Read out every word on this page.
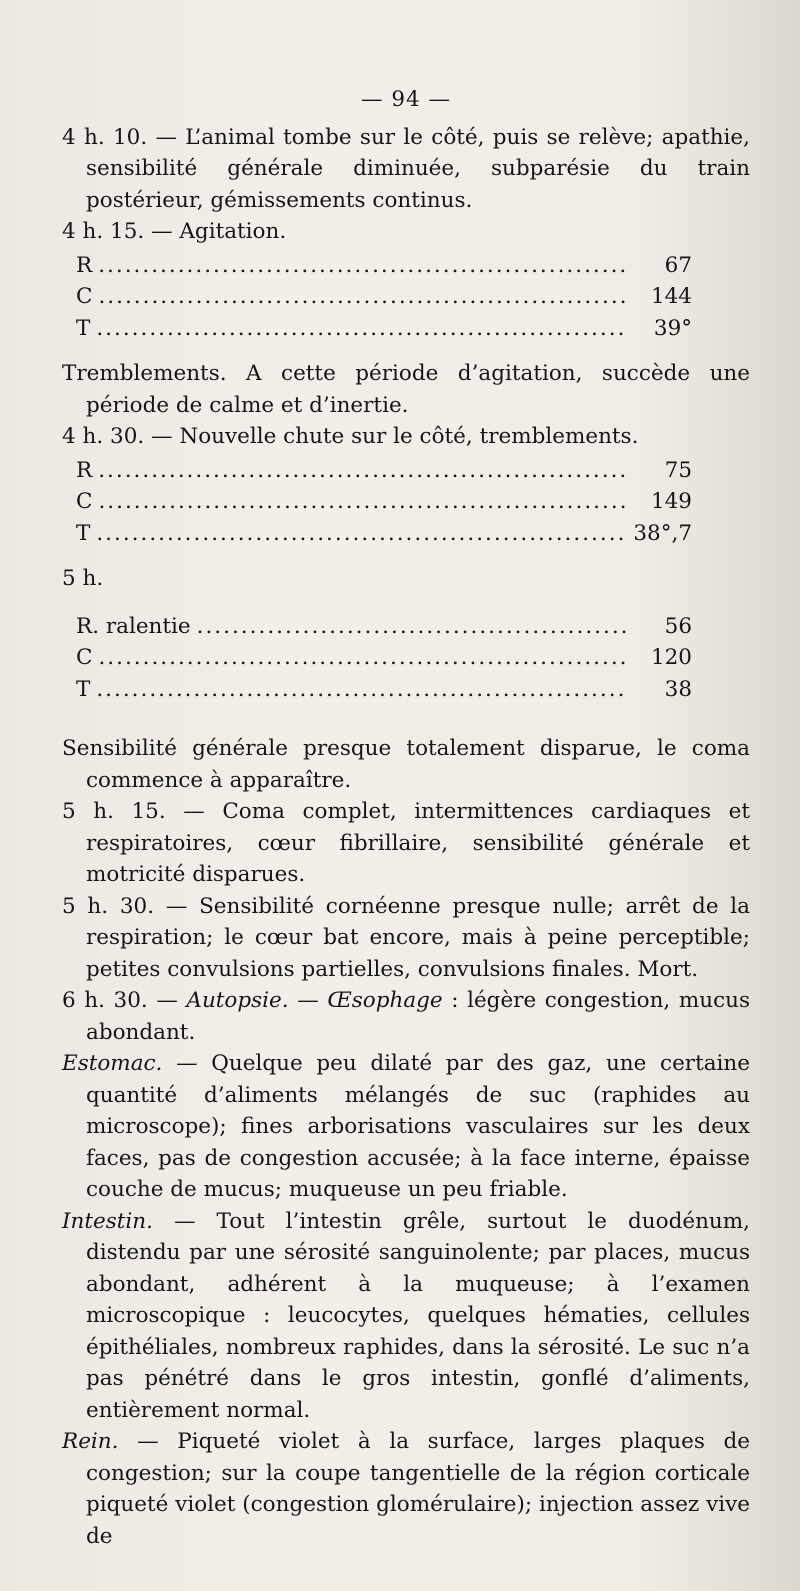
— 94 —

4 h. 10. — L’animal tombe sur le côté, puis se relève; apathie, sensibilité générale diminuée, subparésie du train postérieur, gémissements continus.

4 h. 15. — Agitation.

R .....	67
C .....	144
T .....	39°

Tremblements. A cette période d’agitation, succède une période de calme et d’inertie.

4 h. 30. — Nouvelle chute sur le côté, tremblements.

R .....	75
C .....	149
T .....	38°,7

5 h.

R. ralentie .....	56
C .....	120
T .....	38

Sensibilité générale presque totalement disparue, le coma commence à apparaître.

5 h. 15. — Coma complet, intermittences cardiaques et respiratoires, cœur fibrillaire, sensibilité générale et motricité disparues.

5 h. 30. — Sensibilité cornéenne presque nulle; arrêt de la respiration; le cœur bat encore, mais à peine perceptible; petites convulsions partielles, convulsions finales. Mort.

6 h. 30. — Autopsie. — Œsophage : légère congestion, mucus abondant.

Estomac. — Quelque peu dilaté par des gaz, une certaine quantité d’aliments mélangés de suc (raphides au microscope); fines arborisations vasculaires sur les deux faces, pas de congestion accusée; à la face interne, épaisse couche de mucus; muqueuse un peu friable.

Intestin. — Tout l’intestin grêle, surtout le duodénum, distendu par une sérosité sanguinolente; par places, mucus abondant, adhérent à la muqueuse; à l’examen microscopique : leucocytes, quelques hématies, cellules épithéliales, nombreux raphides, dans la sérosité. Le suc n’a pas pénétré dans le gros intestin, gonflé d’aliments, entièrement normal.

Rein. — Piqueté violet à la surface, larges plaques de congestion; sur la coupe tangentielle de la région corticale piqueté violet (congestion glomérulaire); injection assez vive de
